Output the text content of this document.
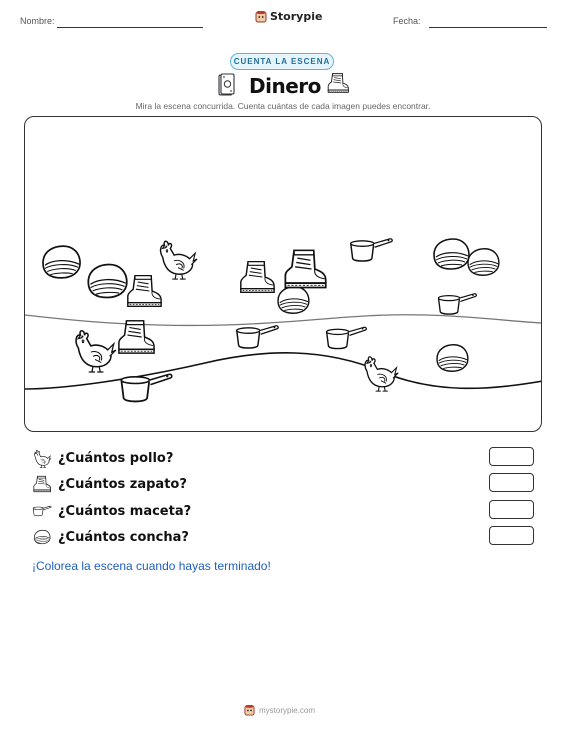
Nombre:	Storypie	Fecha:
CUENTA LA ESCENA
Dinero
Mira la escena concurrida. Cuenta cuántas de cada imagen puedes encontrar.
¿Cuántos pollo?
¿Cuántos zapato?
¿Cuántos maceta?
¿Cuántos concha?
¡Colorea la escena cuando hayas terminado!
mystorypie.com
